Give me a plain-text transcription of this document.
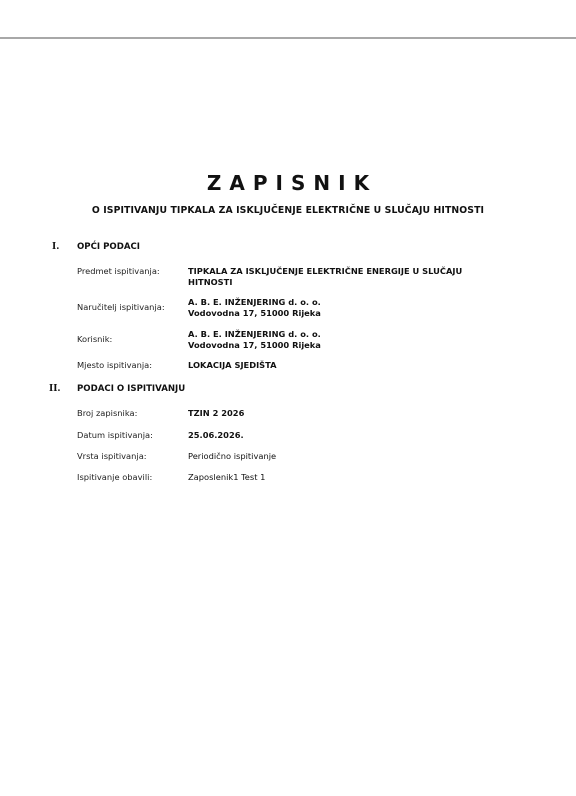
ZAPISNIK
O ISPITIVANJU TIPKALA ZA ISKLJUČENJE ELEKTRIČNE U SLUČAJU HITNOSTI
I. OPĆI PODACI
Predmet ispitivanja:	TIPKALA ZA ISKLJUČENJE ELEKTRIČNE ENERGIJE U SLUČAJU
HITNOSTI
Naručitelj ispitivanja:	A. B. E. INŽENJERING d. o. o.
Vodovodna 17, 51000 Rijeka
Korisnik:	A. B. E. INŽENJERING d. o. o.
Vodovodna 17, 51000 Rijeka
Mjesto ispitivanja:	LOKACIJA SJEDIŠTA
II. PODACI O ISPITIVANJU
Broj zapisnika:	TZIN 2 2026
Datum ispitivanja:	25.06.2026.
Vrsta ispitivanja:	Periodično ispitivanje
Ispitivanje obavili:	Zaposlenik1 Test 1
